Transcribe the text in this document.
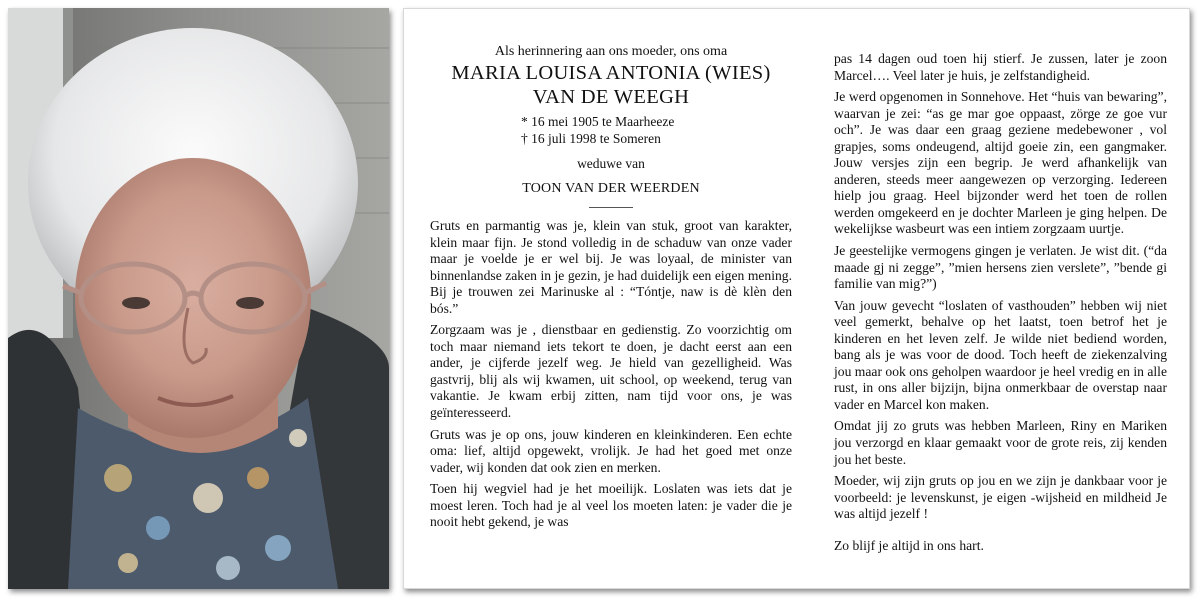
Als herinnering aan ons moeder, ons oma

MARIA LOUISA ANTONIA (WIES)

VAN DE WEEGH

* 16 mei 1905 te Maarheeze
† 16 juli 1998 te Someren

weduwe van

TOON VAN DER WEERDEN

Gruts en parmantig was je, klein van stuk, groot van karakter, klein maar fijn. Je stond volledig in de schaduw van onze vader maar je voelde je er wel bij. Je was loyaal, de minister van binnenlandse zaken in je gezin, je had duidelijk een eigen mening. Bij je trouwen zei Marinuske al : “Tóntje, naw is dè klèn den bós.”

Zorgzaam was je , dienstbaar en gedienstig. Zo voorzichtig om toch maar niemand iets tekort te doen, je dacht eerst aan een ander, je cijferde jezelf weg. Je hield van gezelligheid. Was gastvrij, blij als wij kwamen, uit school, op weekend, terug van vakantie. Je kwam erbij zitten, nam tijd voor ons, je was geïnteresseerd.

Gruts was je op ons, jouw kinderen en kleinkinderen. Een echte oma: lief, altijd opgewekt, vrolijk. Je had het goed met onze vader, wij konden dat ook zien en merken.

Toen hij wegviel had je het moeilijk. Loslaten was iets dat je moest leren. Toch had je al veel los moeten laten: je vader die je nooit hebt gekend, je was

pas 14 dagen oud toen hij stierf. Je zussen, later je zoon Marcel…. Veel later je huis, je zelfstandigheid.

Je werd opgenomen in Sonnehove. Het “huis van bewaring”, waarvan je zei: “as ge mar goe oppaast, zörge ze goe vur och”. Je was daar een graag geziene medebewoner , vol grapjes, soms ondeugend, altijd goeie zin, een gangmaker. Jouw versjes zijn een begrip. Je werd afhankelijk van anderen, steeds meer aangewezen op verzorging. Iedereen hielp jou graag. Heel bijzonder werd het toen de rollen werden omgekeerd en je dochter Marleen je ging helpen. De wekelijkse wasbeurt was een intiem zorgzaam uurtje.

Je geestelijke vermogens gingen je verlaten. Je wist dit. (“da maade gj ni zegge”, ”mien hersens zien verslete”, ”bende gi familie van mig?”)

Van jouw gevecht “loslaten of vasthouden” hebben wij niet veel gemerkt, behalve op het laatst, toen betrof het je kinderen en het leven zelf. Je wilde niet bediend worden, bang als je was voor de dood. Toch heeft de ziekenzalving jou maar ook ons geholpen waardoor je heel vredig en in alle rust, in ons aller bijzijn, bijna onmerkbaar de overstap naar vader en Marcel kon maken.

Omdat jij zo gruts was hebben Marleen, Riny en Mariken jou verzorgd en klaar gemaakt voor de grote reis, zij kenden jou het beste.

Moeder, wij zijn gruts op jou en we zijn je dankbaar voor je voorbeeld: je levenskunst, je eigen -wijsheid en mildheid Je was altijd jezelf !

Zo blijf je altijd in ons hart.
